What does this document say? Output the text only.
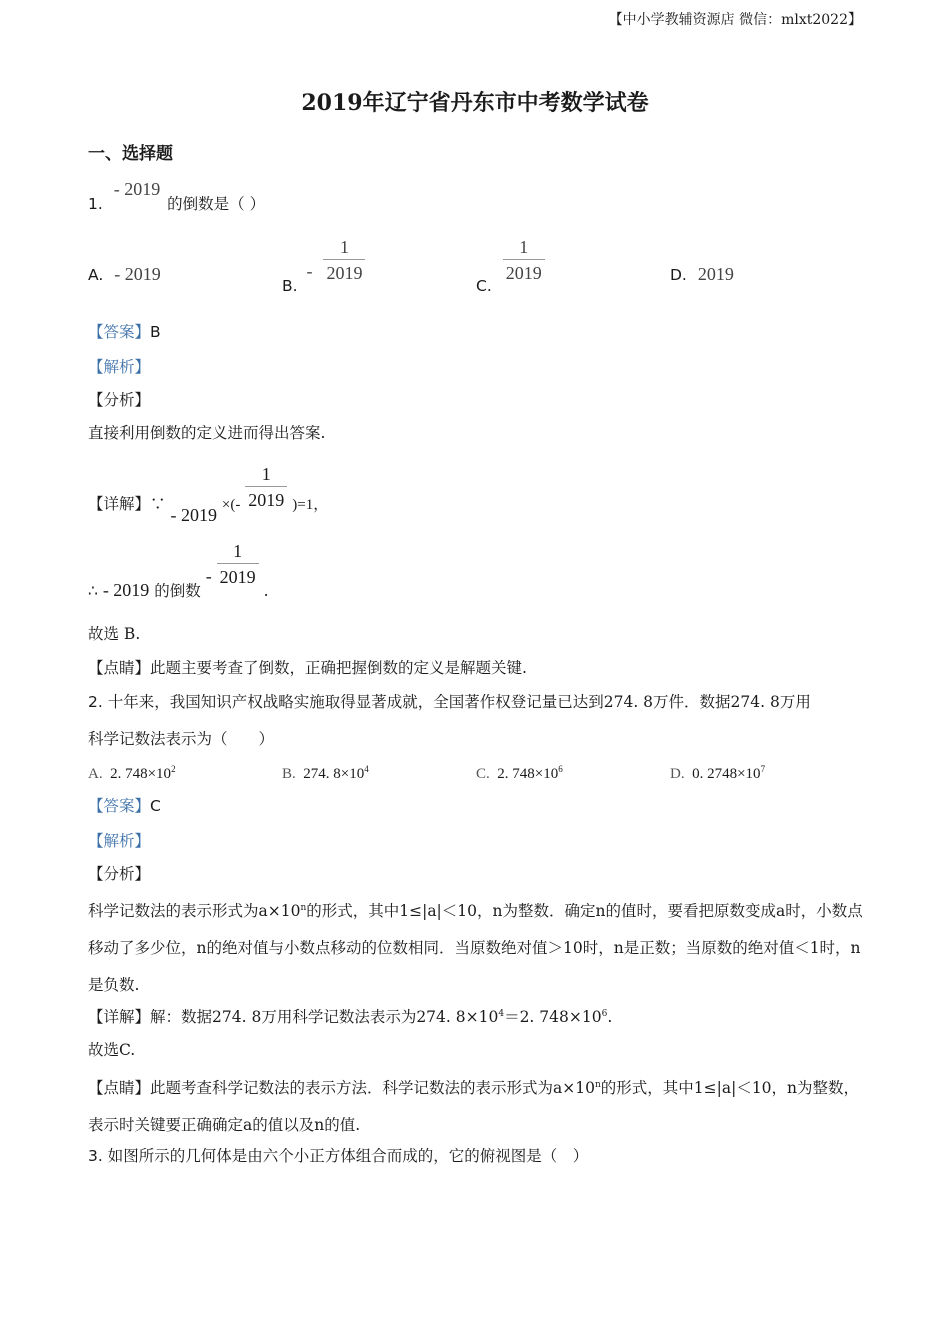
【中小学教辅资源店 微信：mlxt2022】
2019年辽宁省丹东市中考数学试卷
一、选择题
1. - 2019 的倒数是（ ）
A. - 2019
B. - $\frac{1}{2019}$
C.
$\frac{1}{2019}$	D. 2019
【答案】B
【解析】
【分析】
直接利用倒数的定义进而得出答案.
【详解】∵ - 2019 ×(- $\frac{1}{2019} )=1$，
∴ - 2019 的倒数 - $\frac{1}{2019}$
.
故选 B.
【点睛】此题主要考查了倒数，正确把握倒数的定义是解题关键.
2. 十年来，我国知识产权战略实施取得显著成就，全国著作权登记量已达到274. 8万件．数据274. 8万用
科学记数法表示为（　　）
A. 2. $748\times 10^2$	B. 274. $8\times 10^4$	C. 2. $748\times 10^6$	D. 0. $2748\times 10^7$
【答案】C
【解析】
【分析】
科学记数法的表示形式为$a\times 10^n$的形式，其中1≤|a|＜10，n为整数．确定n的值时，要看把原数变成a时，小数点移动了多少位，n的绝对值与小数点移动的位数相同．当原数绝对值＞10时，n是正数；当原数的绝对值＜1时，n是负数.
【详解】解：数据274. 8万用科学记数法表示为274. $8\times 10^4=2$. $748\times 10^6$.
故选C.
【点睛】此题考查科学记数法的表示方法．科学记数法的表示形式为$a\times 10^n$的形式，其中1≤|a|＜10，n为整数，表示时关键要正确确定a的值以及n的值.
3. 如图所示的几何体是由六个小正方体组合而成的，它的俯视图是（　）
